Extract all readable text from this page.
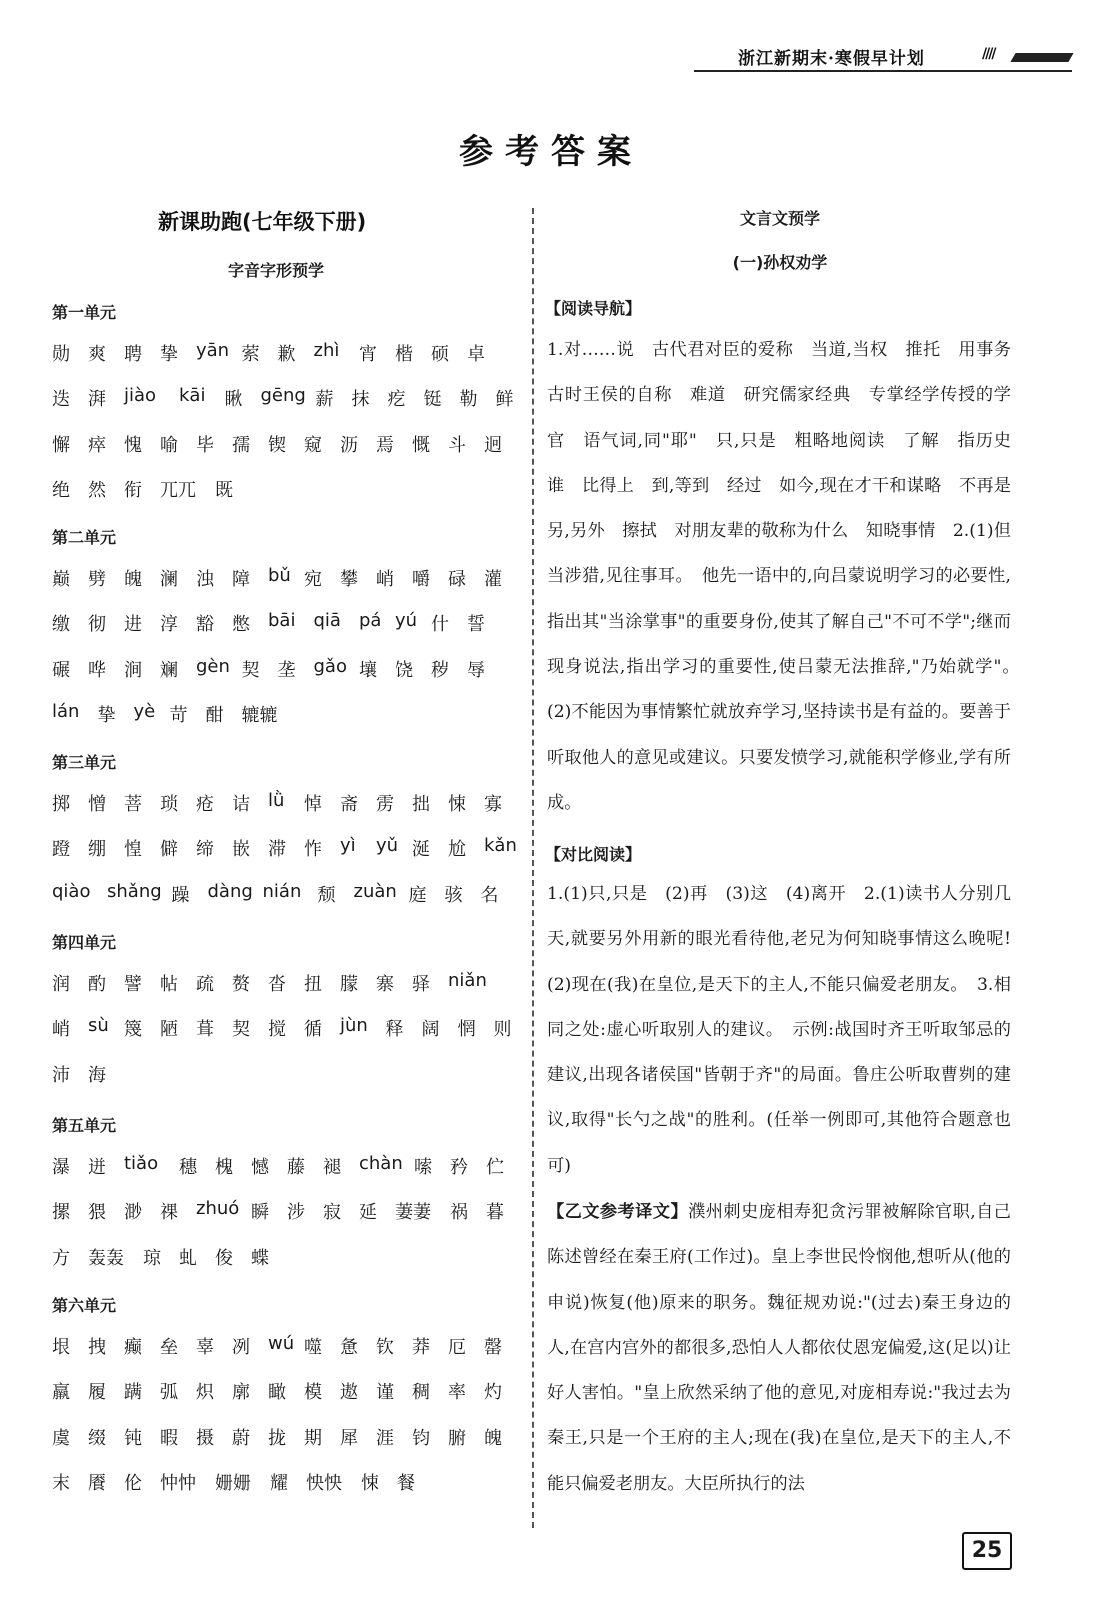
浙江新期末·寒假早计划	////
参考答案
新课助跑(七年级下册)
字音字形预学
第一单元
勋 爽 聘 挚 yān 萦 歉 zhì 宵 楷 硕 卓
迭 湃 jiào kāi 瞅 gēng 薪 抹 疙 铤 勒 鲜
懈 瘁 愧 喻 毕 孺 锲 窥 沥 焉 慨 斗 迥
绝 然 衔 兀兀 既
第二单元
巅 劈 魄 澜 浊 障 bǔ 宛 攀 峭 嚼 碌 灌
缴 彻 进 淳 豁 憋 bāi qiā pá yú 什 誓
碾 哗 涧 斓 gèn 契 垄 gǎo 壤 饶 秽 辱
lán 挚 yè 苛 酣 辘辘
第三单元
掷 憎 菩 琐 疮 诘 lǜ 悼 斋 雳 拙 悚 寡
蹬 绷 惶 僻 缔 嵌 滞 怍 yì yǔ 涎 尬 kǎn
qiào shǎng 躁 dàng nián 颓 zuàn 庭 骇 名
第四单元
润 酌 譬 帖 疏 赘 沓 扭 朦 寨 驿 niǎn
峭 sù 篾 陋 葺 契 搅 循 jùn 释 阔 惘 则
沛 海
第五单元
瀑 迸 tiǎo 穗 槐 憾 藤 褪 chàn 嗦 矜 伫
摞 猥 渺 祼 zhuó 瞬 涉 寂 延 萋萋 祸 暮
方 轰轰 琼 虬 俊 蝶
第六单元
垠 拽 癫 垒 辜 冽 wú 噬 惫 钦 莽 厄 罄
羸 履 蹒 弧 炽 廓 瞰 模 遨 谨 稠 率 灼
虞 缀 钝 暇 摄 蔚 拢 期 犀 涯 钧 腑 魄
末 餍 伦 忡忡 姗姗 耀 怏怏 悚 餐
文言文预学
(一)孙权劝学
【阅读导航】
1.对……说　古代君对臣的爱称　当道,当权　推托　用事务　古时王侯的自称　难道　研究儒家经典　专掌经学传授的学官　语气词,同"耶"　只,只是　粗略地阅读　了解　指历史　谁　比得上　到,等到　经过　如今,现在才干和谋略　不再是　另,另外　擦拭　对朋友辈的敬称为什么　知晓事情　2.(1)但当涉猎,见往事耳。　他先一语中的,向吕蒙说明学习的必要性,指出其"当涂掌事"的重要身份,使其了解自己"不可不学";继而现身说法,指出学习的重要性,使吕蒙无法推辞,"乃始就学"。　(2)不能因为事情繁忙就放弃学习,坚持读书是有益的。要善于听取他人的意见或建议。只要发愤学习,就能积学修业,学有所成。
【对比阅读】
1.(1)只,只是　(2)再　(3)这　(4)离开　2.(1)读书人分别几天,就要另外用新的眼光看待他,老兄为何知晓事情这么晚呢!　(2)现在(我)在皇位,是天下的主人,不能只偏爱老朋友。　3.相同之处:虚心听取别人的建议。　示例:战国时齐王听取邹忌的建议,出现各诸侯国"皆朝于齐"的局面。鲁庄公听取曹刿的建议,取得"长勺之战"的胜利。(任举一例即可,其他符合题意也可)
【乙文参考译文】濮州刺史庞相寿犯贪污罪被解除官职,自己陈述曾经在秦王府(工作过)。皇上李世民怜悯他,想听从(他的申说)恢复(他)原来的职务。魏征规劝说:"(过去)秦王身边的人,在宫内宫外的都很多,恐怕人人都依仗恩宠偏爱,这(足以)让好人害怕。"皇上欣然采纳了他的意见,对庞相寿说:"我过去为秦王,只是一个王府的主人;现在(我)在皇位,是天下的主人,不能只偏爱老朋友。大臣所执行的法
25
